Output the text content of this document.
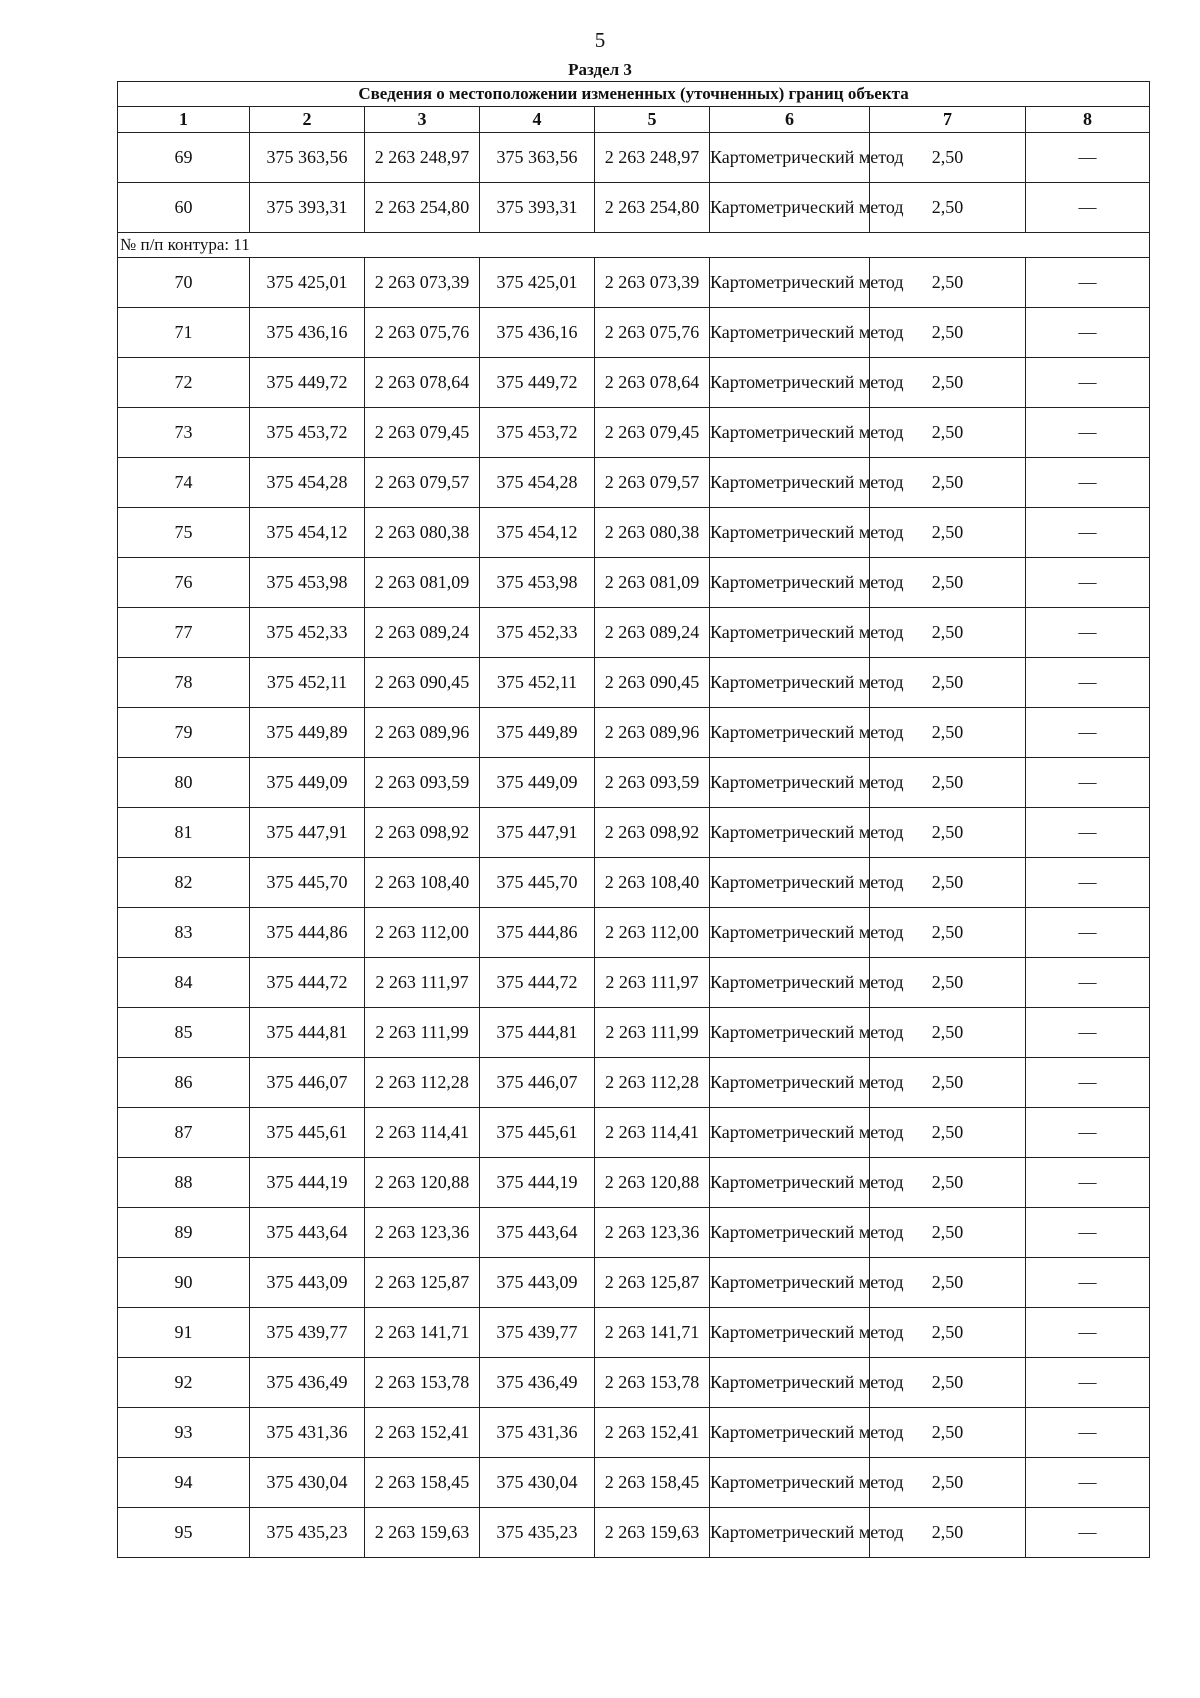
5
Раздел 3
Сведения о местоположении измененных (уточненных) границ объекта							
1	2	3	4	5	6	7	8
69	375 363,56	2 263 248,97	375 363,56	2 263 248,97	Картометрический метод	2,50	—
60	375 393,31	2 263 254,80	375 393,31	2 263 254,80	Картометрический метод	2,50	—
№ п/п контура: 11							
70	375 425,01	2 263 073,39	375 425,01	2 263 073,39	Картометрический метод	2,50	—
71	375 436,16	2 263 075,76	375 436,16	2 263 075,76	Картометрический метод	2,50	—
72	375 449,72	2 263 078,64	375 449,72	2 263 078,64	Картометрический метод	2,50	—
73	375 453,72	2 263 079,45	375 453,72	2 263 079,45	Картометрический метод	2,50	—
74	375 454,28	2 263 079,57	375 454,28	2 263 079,57	Картометрический метод	2,50	—
75	375 454,12	2 263 080,38	375 454,12	2 263 080,38	Картометрический метод	2,50	—
76	375 453,98	2 263 081,09	375 453,98	2 263 081,09	Картометрический метод	2,50	—
77	375 452,33	2 263 089,24	375 452,33	2 263 089,24	Картометрический метод	2,50	—
78	375 452,11	2 263 090,45	375 452,11	2 263 090,45	Картометрический метод	2,50	—
79	375 449,89	2 263 089,96	375 449,89	2 263 089,96	Картометрический метод	2,50	—
80	375 449,09	2 263 093,59	375 449,09	2 263 093,59	Картометрический метод	2,50	—
81	375 447,91	2 263 098,92	375 447,91	2 263 098,92	Картометрический метод	2,50	—
82	375 445,70	2 263 108,40	375 445,70	2 263 108,40	Картометрический метод	2,50	—
83	375 444,86	2 263 112,00	375 444,86	2 263 112,00	Картометрический метод	2,50	—
84	375 444,72	2 263 111,97	375 444,72	2 263 111,97	Картометрический метод	2,50	—
85	375 444,81	2 263 111,99	375 444,81	2 263 111,99	Картометрический метод	2,50	—
86	375 446,07	2 263 112,28	375 446,07	2 263 112,28	Картометрический метод	2,50	—
87	375 445,61	2 263 114,41	375 445,61	2 263 114,41	Картометрический метод	2,50	—
88	375 444,19	2 263 120,88	375 444,19	2 263 120,88	Картометрический метод	2,50	—
89	375 443,64	2 263 123,36	375 443,64	2 263 123,36	Картометрический метод	2,50	—
90	375 443,09	2 263 125,87	375 443,09	2 263 125,87	Картометрический метод	2,50	—
91	375 439,77	2 263 141,71	375 439,77	2 263 141,71	Картометрический метод	2,50	—
92	375 436,49	2 263 153,78	375 436,49	2 263 153,78	Картометрический метод	2,50	—
93	375 431,36	2 263 152,41	375 431,36	2 263 152,41	Картометрический метод	2,50	—
94	375 430,04	2 263 158,45	375 430,04	2 263 158,45	Картометрический метод	2,50	—
95	375 435,23	2 263 159,63	375 435,23	2 263 159,63	Картометрический метод	2,50	—
